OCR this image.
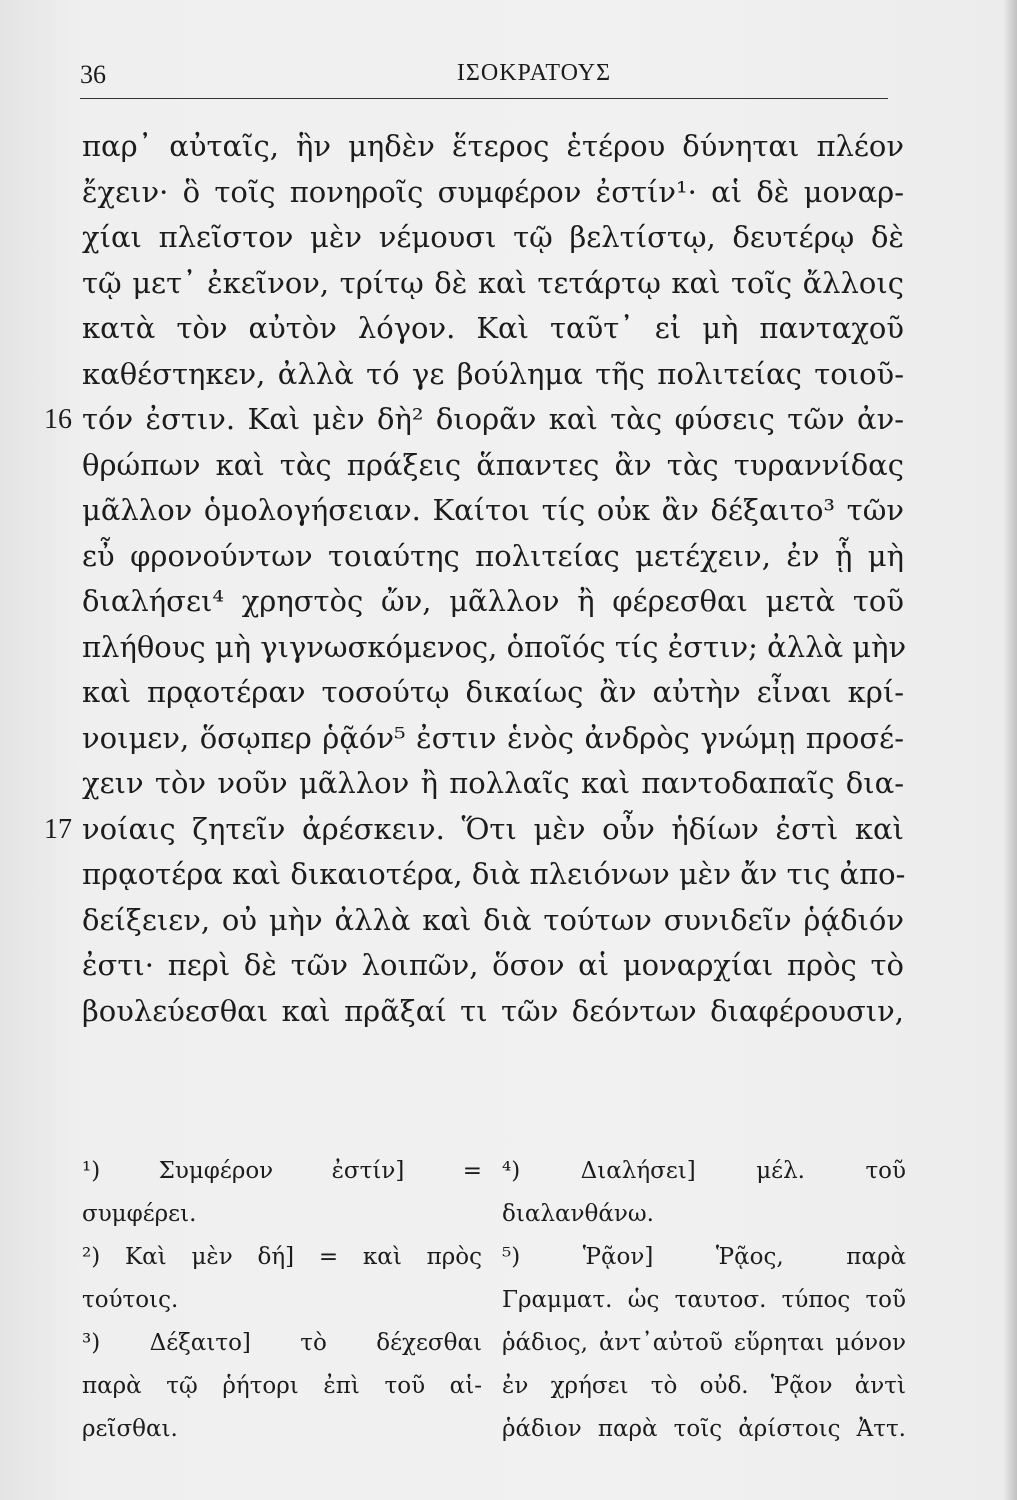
36	ΙΣΟΚΡΑΤΟΥΣ
παρ᾽ αὐταῖς, ἣν μηδὲν ἕτερος ἑτέρου δύνηται πλέον
ἔχειν· ὃ τοῖς πονηροῖς συμφέρον ἐστίν¹· αἱ δὲ μοναρ-
χίαι πλεῖστον μὲν νέμουσι τῷ βελτίστῳ, δευτέρῳ δὲ
τῷ μετ᾽ ἐκεῖνον, τρίτῳ δὲ καὶ τετάρτῳ καὶ τοῖς ἄλλοις
κατὰ τὸν αὐτὸν λόγον. Καὶ ταῦτ᾽ εἰ μὴ πανταχοῦ
καθέστηκεν, ἀλλὰ τό γε βούλημα τῆς πολιτείας τοιοῦ-
16 τόν ἐστιν. Καὶ μὲν δὴ² διορᾶν καὶ τὰς φύσεις τῶν ἀν-
θρώπων καὶ τὰς πράξεις ἅπαντες ἂν τὰς τυραννίδας
μᾶλλον ὁμολογήσειαν. Καίτοι τίς οὐκ ἂν δέξαιτο³ τῶν
εὖ φρονούντων τοιαύτης πολιτείας μετέχειν, ἐν ᾗ μὴ
διαλήσει⁴ χρηστὸς ὤν, μᾶλλον ἢ φέρεσθαι μετὰ τοῦ
πλήθους μὴ γιγνωσκόμενος, ὁποῖός τίς ἐστιν; ἀλλὰ μὴν
καὶ πρᾳοτέραν τοσούτῳ δικαίως ἂν αὐτὴν εἶναι κρί-
νοιμεν, ὅσῳπερ ῥᾷόν⁵ ἐστιν ἑνὸς ἀνδρὸς γνώμῃ προσέ-
χειν τὸν νοῦν μᾶλλον ἢ πολλαῖς καὶ παντοδαπαῖς δια-
17 νοίαις ζητεῖν ἀρέσκειν. Ὅτι μὲν οὖν ἡδίων ἐστὶ καὶ
πρᾳοτέρα καὶ δικαιοτέρα, διὰ πλειόνων μὲν ἄν τις ἀπο-
δείξειεν, οὐ μὴν ἀλλὰ καὶ διὰ τούτων συνιδεῖν ῥᾴδιόν
ἐστι· περὶ δὲ τῶν λοιπῶν, ὅσον αἱ μοναρχίαι πρὸς τὸ
βουλεύεσθαι καὶ πρᾶξαί τι τῶν δεόντων διαφέρουσιν,
¹) Συμφέρον ἐστίν] =
συμφέρει.
²) Καὶ μὲν δή] = καὶ πρὸς
τούτοις.
³) Δέξαιτο] τὸ δέχεσθαι
παρὰ τῷ ῥήτορι ἐπὶ τοῦ αἱ-
ρεῖσθαι.
⁴) Διαλήσει] μέλ. τοῦ
διαλανθάνω.
⁵) Ῥᾷον] Ῥᾷος, παρὰ
Γραμματ. ὡς ταυτοσ. τύπος τοῦ
ῥάδιος, ἀντ᾽αὐτοῦ εὕρηται μόνον
ἐν χρήσει τὸ οὐδ. Ῥᾷον ἀντὶ
ῥάδιον παρὰ τοῖς ἀρίστοις Ἀττ.
